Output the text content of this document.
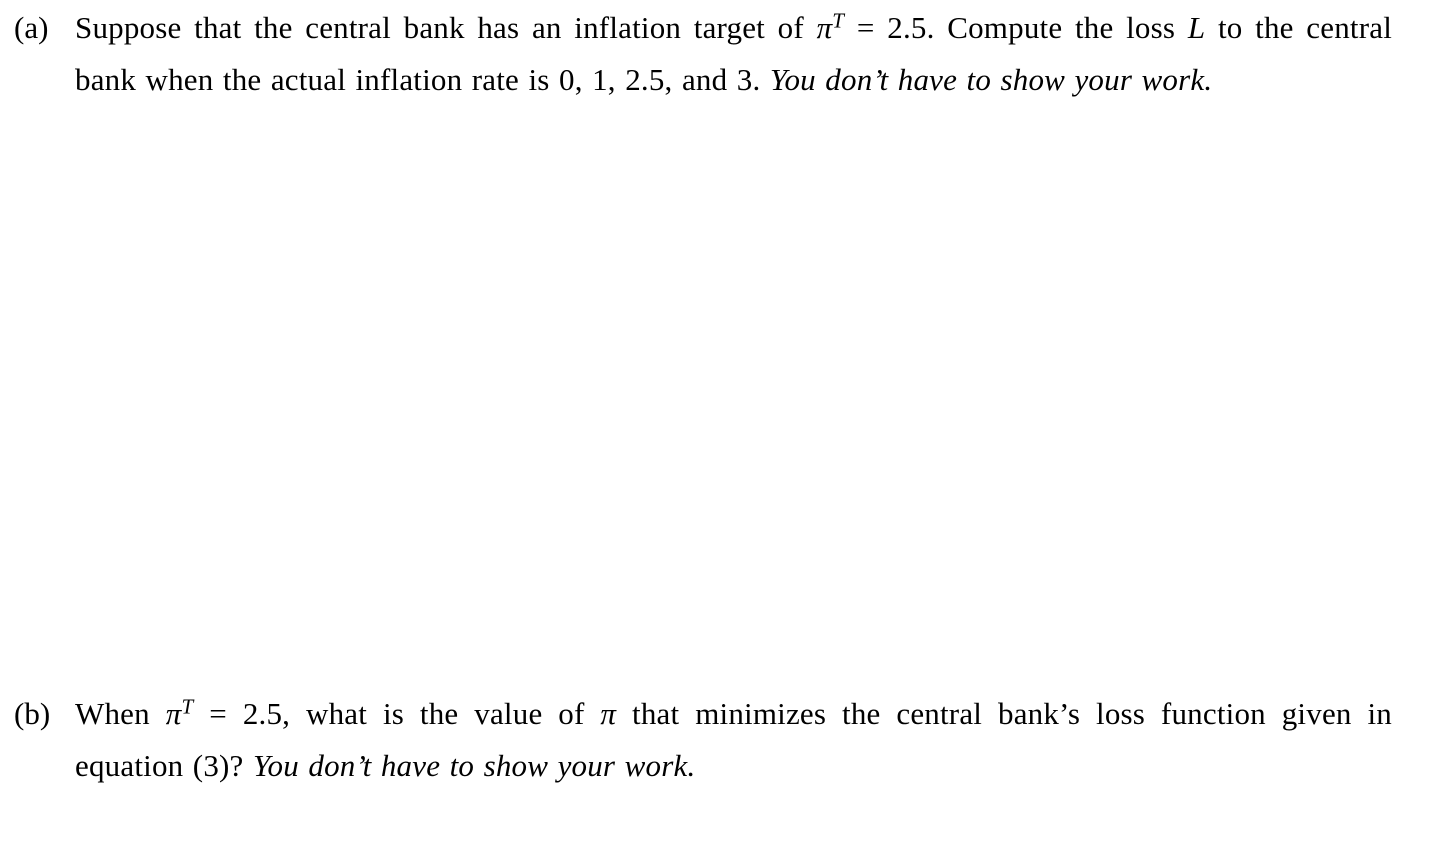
(a) Suppose that the central bank has an inflation target of $\pi^T = 2.5$. Compute the loss L to the central bank when the actual inflation rate is 0, 1, 2.5, and 3. You don’t have to show your work.

(b) When $\pi^T = 2.5$, what is the value of π that minimizes the central bank’s loss function given in equation (3)? You don’t have to show your work.
